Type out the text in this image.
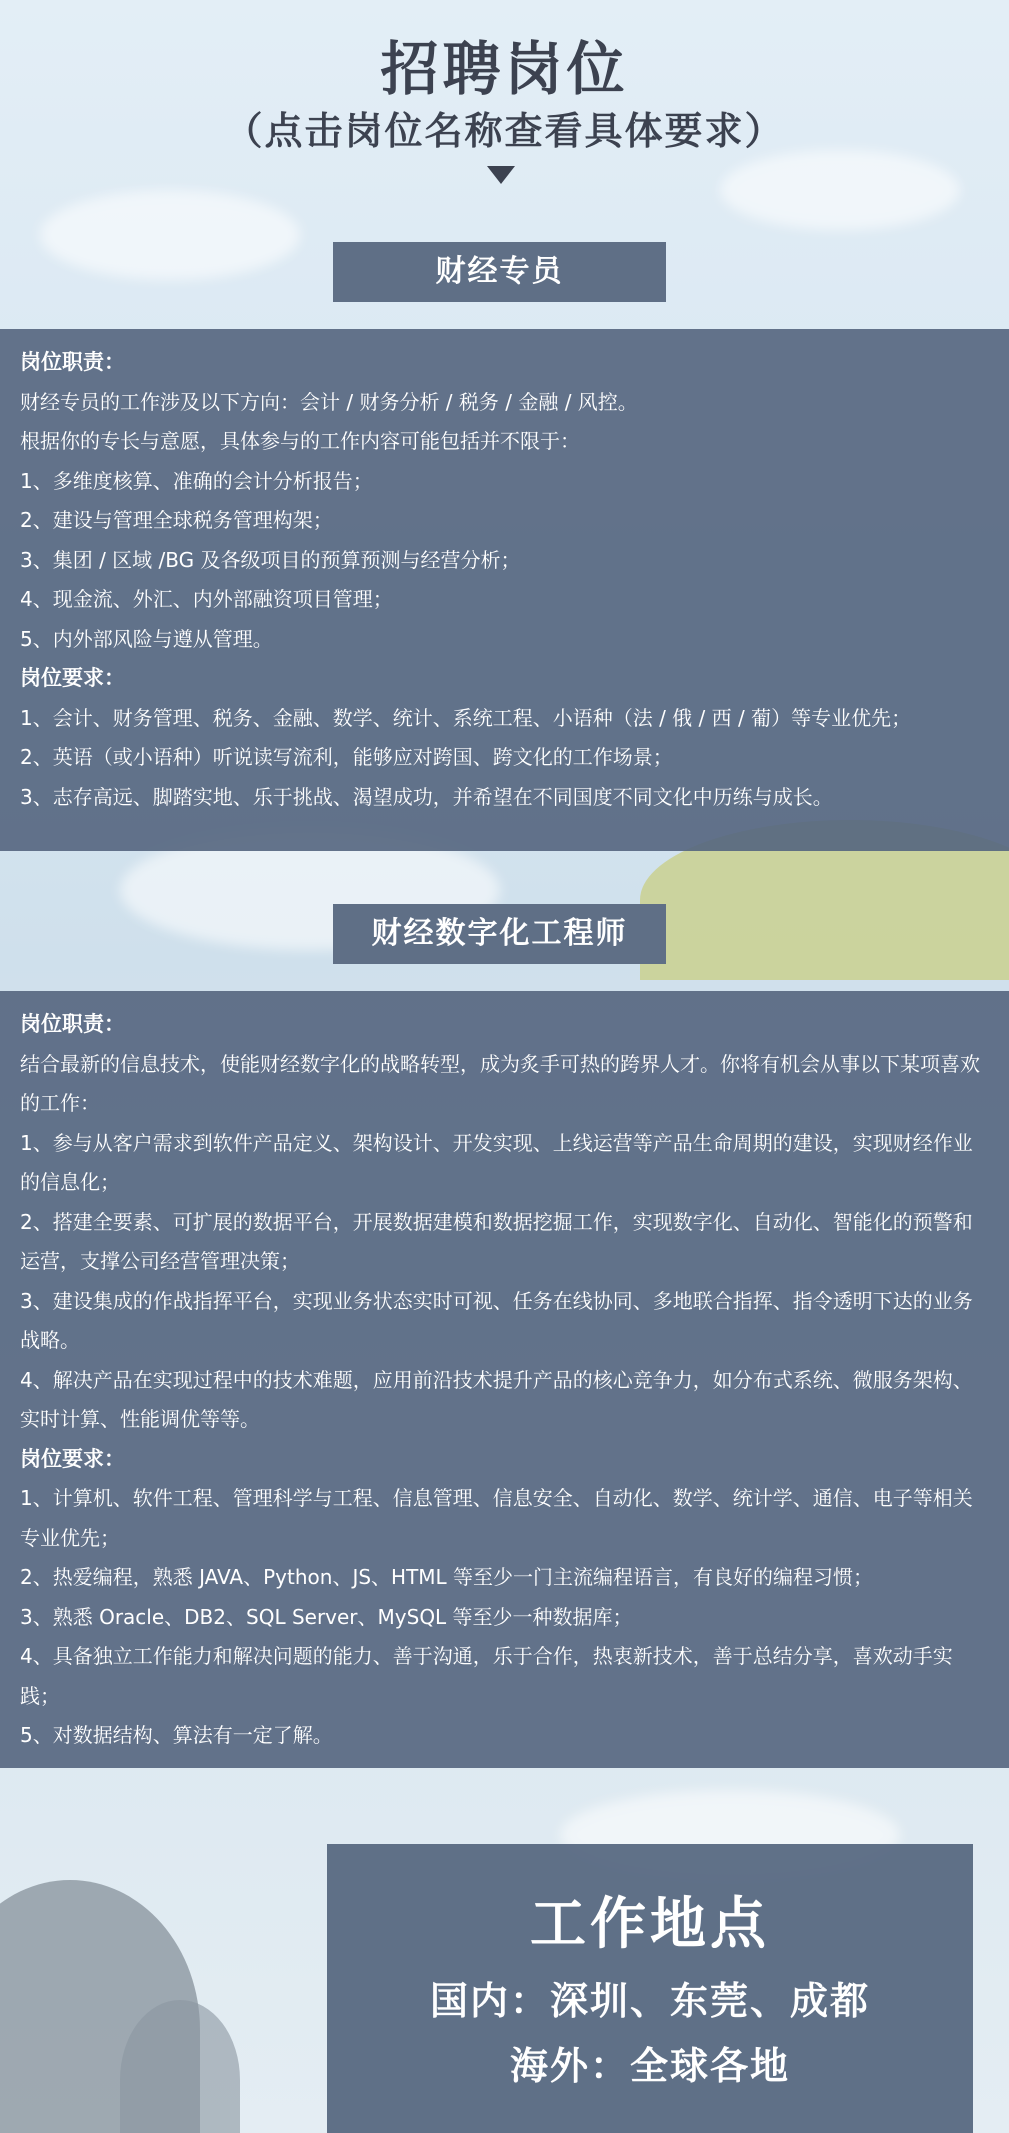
招聘岗位
（点击岗位名称查看具体要求）
财经专员
岗位职责：
财经专员的工作涉及以下方向：会计 / 财务分析 / 税务 / 金融 / 风控。
根据你的专长与意愿，具体参与的工作内容可能包括并不限于：
1、多维度核算、准确的会计分析报告；
2、建设与管理全球税务管理构架；
3、集团 / 区域 /BG 及各级项目的预算预测与经营分析；
4、现金流、外汇、内外部融资项目管理；
5、内外部风险与遵从管理。
岗位要求：
1、会计、财务管理、税务、金融、数学、统计、系统工程、小语种（法 / 俄 / 西 / 葡）等专业优先；
2、英语（或小语种）听说读写流利，能够应对跨国、跨文化的工作场景；
3、志存高远、脚踏实地、乐于挑战、渴望成功，并希望在不同国度不同文化中历练与成长。
财经数字化工程师
岗位职责：
结合最新的信息技术，使能财经数字化的战略转型，成为炙手可热的跨界人才。你将有机会从事以下某项喜欢的工作：
1、参与从客户需求到软件产品定义、架构设计、开发实现、上线运营等产品生命周期的建设，实现财经作业的信息化；
2、搭建全要素、可扩展的数据平台，开展数据建模和数据挖掘工作，实现数字化、自动化、智能化的预警和运营，支撑公司经营管理决策；
3、建设集成的作战指挥平台，实现业务状态实时可视、任务在线协同、多地联合指挥、指令透明下达的业务战略。
4、解决产品在实现过程中的技术难题，应用前沿技术提升产品的核心竞争力，如分布式系统、微服务架构、实时计算、性能调优等等。
岗位要求：
1、计算机、软件工程、管理科学与工程、信息管理、信息安全、自动化、数学、统计学、通信、电子等相关专业优先；
2、热爱编程，熟悉 JAVA、Python、JS、HTML 等至少一门主流编程语言，有良好的编程习惯；
3、熟悉 Oracle、DB2、SQL Server、MySQL 等至少一种数据库；
4、具备独立工作能力和解决问题的能力、善于沟通，乐于合作，热衷新技术，善于总结分享，喜欢动手实践；
5、对数据结构、算法有一定了解。
工作地点
国内：深圳、东莞、成都
海外：全球各地
